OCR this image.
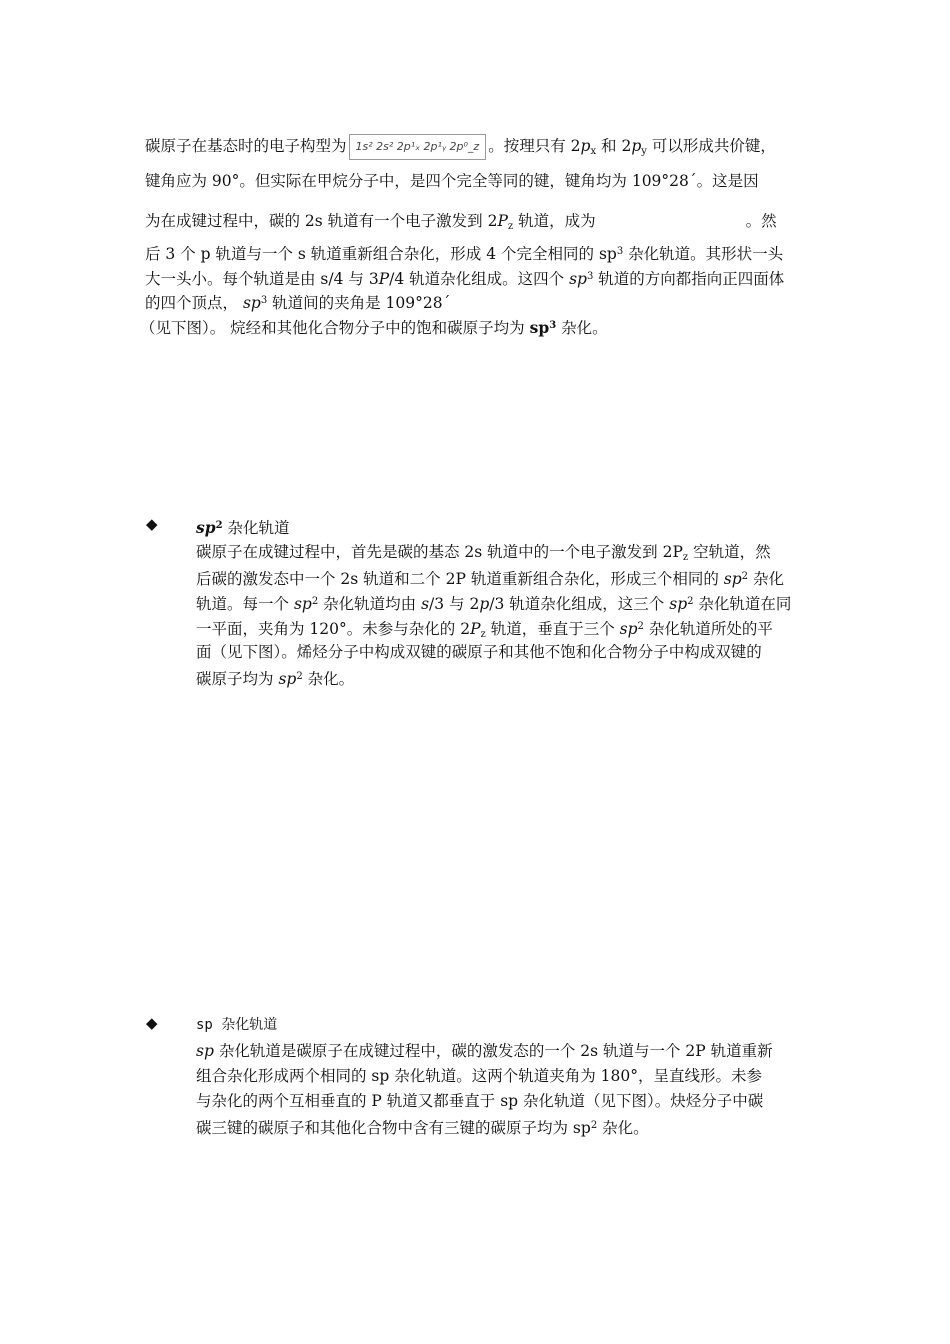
碳原子在基态时的电子构型为 1s² 2s² 2p¹ₓ 2p¹ᵧ 2p⁰_z 。按理只有 $2p_x$ 和 $2p_y$ 可以形成共价键，
键角应为 90°。但实际在甲烷分子中，是四个完全等同的键，键角均为 109°28´。这是因
为在成键过程中，碳的 2s 轨道有一个电子激发到 $2P_z$ 轨道，成为	。然
后 3 个 p 轨道与一个 s 轨道重新组合杂化，形成 4 个完全相同的 $sp^3$ 杂化轨道。其形状一头
大一头小。每个轨道是由 s/4 与 3P/4 轨道杂化组成。这四个 $sp^3$ 轨道的方向都指向正四面体
的四个顶点， $sp^3$ 轨道间的夹角是 109°28´
（见下图）。 烷经和其他化合物分子中的饱和碳原子均为 $sp^3$ 杂化。
◆ $sp^2$ 杂化轨道
碳原子在成键过程中，首先是碳的基态 2s 轨道中的一个电子激发到 $2P_z$ 空轨道，然
后碳的激发态中一个 2s 轨道和二个 2P 轨道重新组合杂化，形成三个相同的 $sp^2$ 杂化
轨道。每一个 $sp^2$ 杂化轨道均由 s/3 与 2p/3 轨道杂化组成，这三个 $sp^2$ 杂化轨道在同
一平面，夹角为 120°。未参与杂化的 $2P_z$ 轨道，垂直于三个 $sp^2$ 杂化轨道所处的平
面（见下图）。烯烃分子中构成双键的碳原子和其他不饱和化合物分子中构成双键的
碳原子均为 $sp^2$ 杂化。
◆	sp 杂化轨道
sp 杂化轨道是碳原子在成键过程中，碳的激发态的一个 2s 轨道与一个 2P 轨道重新
组合杂化形成两个相同的 sp 杂化轨道。这两个轨道夹角为 180°，呈直线形。未参
与杂化的两个互相垂直的 P 轨道又都垂直于 sp 杂化轨道（见下图）。炔烃分子中碳
碳三键的碳原子和其他化合物中含有三键的碳原子均为 $sp^2$ 杂化。
